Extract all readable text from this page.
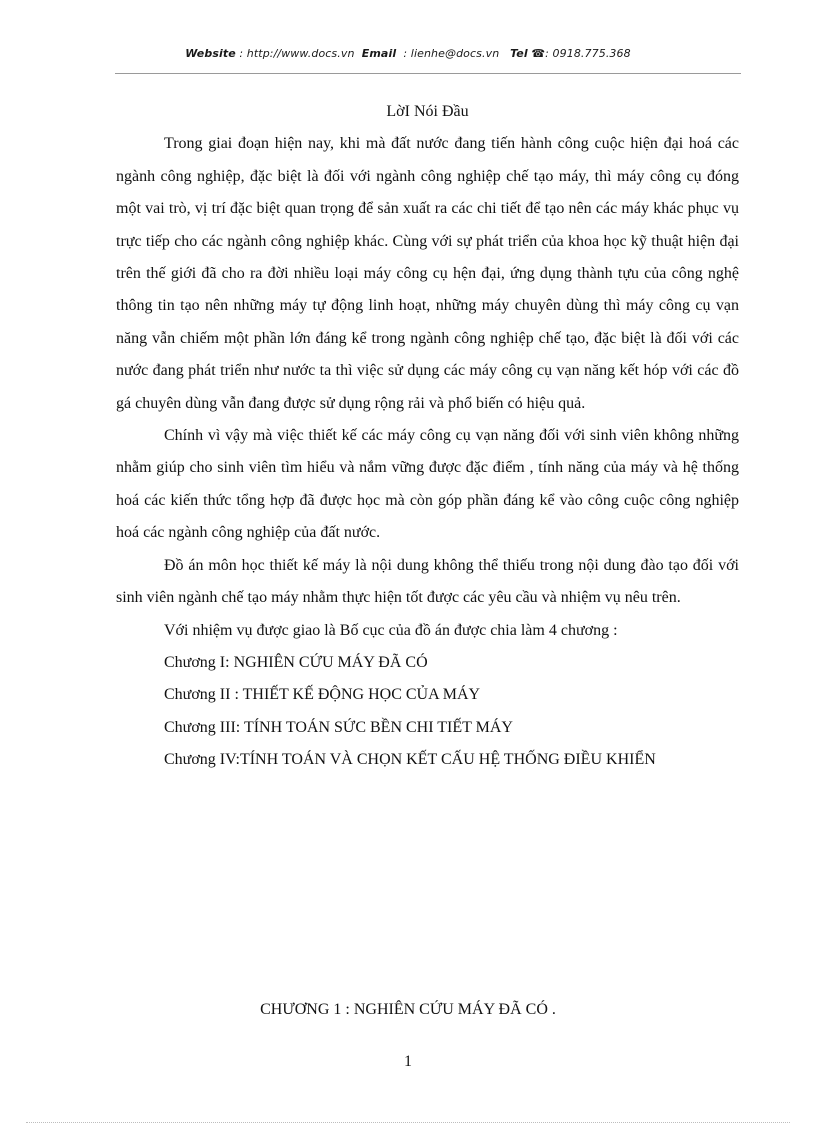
Website : http://www.docs.vn Email : lienhe@docs.vn Tel ☎: 0918.775.368
LờI Nói Đầu

Trong giai đoạn hiện nay, khi mà đất nước đang tiến hành công cuộc hiện đại hoá các ngành công nghiệp, đặc biệt là đối với ngành công nghiệp chế tạo máy, thì máy công cụ đóng một vai trò, vị trí đặc biệt quan trọng để sản xuất ra các chi tiết để tạo nên các máy khác phục vụ trực tiếp cho các ngành công nghiệp khác. Cùng với sự phát triển của khoa học kỹ thuật hiện đại trên thế giới đã cho ra đời nhiều loại máy công cụ hện đại, ứng dụng thành tựu của công nghệ thông tin tạo nên những máy tự động linh hoạt, những máy chuyên dùng thì máy công cụ vạn năng vẫn chiếm một phần lớn đáng kể trong ngành công nghiệp chế tạo, đặc biệt là đối với các nước đang phát triển như nước ta thì việc sử dụng các máy công cụ vạn năng kết hóp với các đồ gá chuyên dùng vẫn đang được sử dụng rộng rải và phổ biến có hiệu quả.

Chính vì vậy mà việc thiết kế các máy công cụ vạn năng đối với sinh viên không những nhằm giúp cho sinh viên tìm hiểu và nắm vững được đặc điểm , tính năng của máy và hệ thống hoá các kiến thức tổng hợp đã được học mà còn góp phần đáng kể vào công cuộc công nghiệp hoá các ngành công nghiệp của đất nước.

Đồ án môn học thiết kế máy là nội dung không thể thiếu trong nội dung đào tạo đối với sinh viên ngành chế tạo máy nhằm thực hiện tốt được các yêu cầu và nhiệm vụ nêu trên.

Với nhiệm vụ được giao là Bố cục của đồ án được chia làm 4 chương :

Chương I: NGHIÊN CỨU MÁY ĐÃ CÓ
Chương II : THIẾT KẾ ĐỘNG HỌC CỦA MÁY
Chương III: TÍNH TOÁN SỨC BỀN CHI TIẾT MÁY
Chương IV:TÍNH TOÁN VÀ CHỌN KẾT CẤU HỆ THỐNG ĐIỀU KHIỂN
CHƯƠNG 1 : NGHIÊN CỨU MÁY ĐÃ CÓ .
1
